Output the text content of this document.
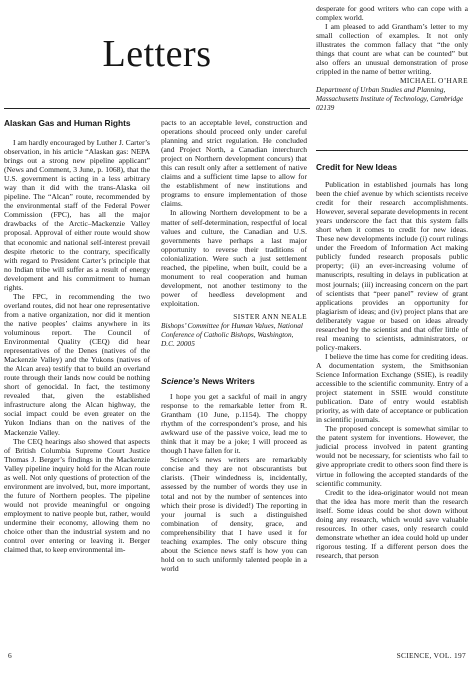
Letters

Alaskan Gas and Human Rights

I am hardly encouraged by Luther J. Carter’s observation, in his article “Alaskan gas: NEPA brings out a strong new pipeline applicant” (News and Comment, 3 June, p. 1068), that the U.S. government is acting in a less arbitrary way than it did with the trans-Alaska oil pipeline. The “Alcan” route, recommended by the environmental staff of the Federal Power Commission (FPC), has all the major drawbacks of the Arctic–Mackenzie Valley proposal. Approval of either route would show that economic and national self-interest prevail despite rhetoric to the contrary, specifically with regard to President Carter’s principle that no Indian tribe will suffer as a result of energy development and his commitment to human rights.

The FPC, in recommending the two overland routes, did not hear one representative from a native organization, nor did it mention the native peoples’ claims anywhere in its voluminous report. The Council of Environmental Quality (CEQ) did hear representatives of the Denes (natives of the Mackenzie Valley) and the Yukons (natives of the Alcan area) testify that to build an overland route through their lands now could be nothing short of genocidal. In fact, the testimony revealed that, given the established infrastructure along the Alcan highway, the social impact could be even greater on the Yukon Indians than on the natives of the Mackenzie Valley.

The CEQ hearings also showed that aspects of British Columbia Supreme Court Justice Thomas J. Berger’s findings in the Mackenzie Valley pipeline inquiry hold for the Alcan route as well. Not only questions of protection of the environment are involved, but, more important, the future of Northern peoples. The pipeline would not provide meaningful or ongoing employment to native people but, rather, would undermine their economy, allowing them no choice other than the industrial system and no control over entering or leaving it. Berger claimed that, to keep environmental im-

pacts to an acceptable level, construction and operations should proceed only under careful planning and strict regulation. He concluded (and Project North, a Canadian interchurch project on Northern development concurs) that this can result only after a settlement of native claims and a sufficient time lapse to allow for the establishment of new institutions and programs to ensure implementation of those claims.

In allowing Northern development to be a matter of self-determination, respectful of local values and culture, the Canadian and U.S. governments have perhaps a last major opportunity to reverse their traditions of colonialization. Were such a just settlement reached, the pipeline, when built, could be a monument to real cooperation and human development, not another testimony to the power of heedless development and exploitation.

SISTER ANN NEALE

Bishops’ Committee for Human Values, National Conference of Catholic Bishops, Washington, D.C. 20005

Science’s News Writers

I hope you get a sackful of mail in angry response to the remarkable letter from R. Grantham (10 June, p.1154). The choppy rhythm of the correspondent’s prose, and his awkward use of the passive voice, lead me to think that it may be a joke; I will proceed as though I have fallen for it.

Science’s news writers are remarkably concise and they are not obscurantists but clarists. (Their windedness is, incidentally, assessed by the number of words they use in total and not by the number of sentences into which their prose is divided!) The reporting in your journal is such a distinguished combination of density, grace, and comprehensibility that I have used it for teaching examples. The only obscure thing about the Science news staff is how you can hold on to such uniformly talented people in a world

desperate for good writers who can cope with a complex world.

I am pleased to add Grantham’s letter to my small collection of examples. It not only illustrates the common fallacy that “the only things that count are what can be counted” but also offers an unusual demonstration of prose crippled in the name of better writing.

MICHAEL O’HARE

Department of Urban Studies and Planning, Massachusetts Institute of Technology, Cambridge 02139

Credit for New Ideas

Publication in established journals has long been the chief avenue by which scientists receive credit for their research accomplishments. However, several separate developments in recent years underscore the fact that this system falls short when it comes to credit for new ideas. These new developments include (i) court rulings under the Freedom of Information Act making publicly funded research proposals public property; (ii) an ever-increasing volume of manuscripts, resulting in delays in publication at most journals; (iii) increasing concern on the part of scientists that “peer panel” review of grant applications provides an opportunity for plagiarism of ideas; and (iv) project plans that are deliberately vague or based on ideas already researched by the scientist and that offer little of real meaning to scientists, administrators, or policy-makers.

I believe the time has come for crediting ideas. A documentation system, the Smithsonian Science Information Exchange (SSIE), is readily accessible to the scientific community. Entry of a project statement in SSIE would constitute publication. Date of entry would establish priority, as with date of acceptance or publication in scientific journals.

The proposed concept is somewhat similar to the patent system for inventions. However, the judicial process involved in patent granting would not be necessary, for scientists who fail to give appropriate credit to others soon find there is virtue in following the accepted standards of the scientific community.

Credit to the idea-originator would not mean that the idea has more merit than the research itself. Some ideas could be shot down without doing any research, which would save valuable resources. In other cases, only research could demonstrate whether an idea could hold up under rigorous testing. If a different person does the research, that person

6	SCIENCE, VOL. 197
